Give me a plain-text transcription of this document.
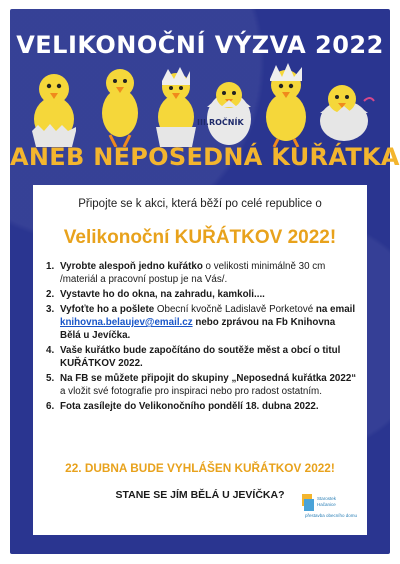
VELIKONOČNÍ VÝZVA 2022
III.ROČNÍK
ANEB NEPOSEDNÁ KUŘÁTKA
Připojte se k akci, která běží po celé republice o
Velikonoční KUŘÁTKOV 2022!
1. Vyrobte alespoň jedno kuřátko o velikosti minimálně 30 cm /materiál a pracovní postup je na Vás/.
2. Vystavte ho do okna, na zahradu, kamkoli....
3. Vyfoťte ho a pošlete Obecní kvočně Ladislavě Porketové na email knihovna.belaujev@email.cz nebo zprávou na Fb Knihovna Bělá u Jevíčka.
4. Vaše kuřátko bude započítáno do soutěže měst a obcí o titul KUŘÁTKOV 2022.
5. Na FB se můžete připojit do skupiny „Neposedná kuřátka 2022“ a vložit své fotografie pro inspiraci nebo pro radost ostatním.
6. Fota zasílejte do Velikonočního pondělí 18. dubna 2022.
22. DUBNA BUDE VYHLÁŠEN KUŘÁTKOV 2022!
STANE SE JÍM BĚLÁ U JEVÍČKA?	Starostek
Hačanice
přestavba obecního domu
